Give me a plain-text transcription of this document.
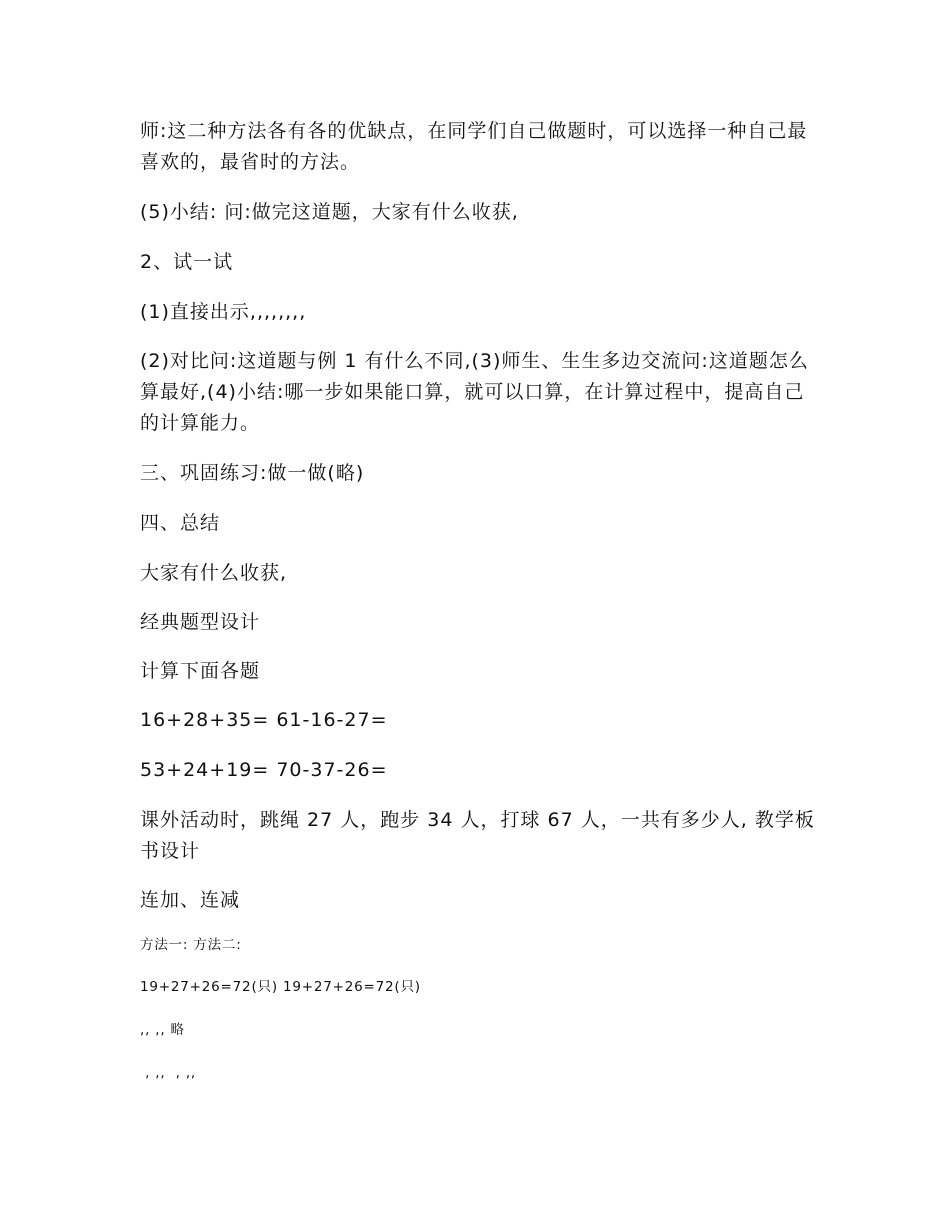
师:这二种方法各有各的优缺点，在同学们自己做题时，可以选择一种自己最喜欢的，最省时的方法。

(5)小结: 问:做完这道题，大家有什么收获,

2、试一试

(1)直接出示,,,,,,,,

(2)对比问:这道题与例 1 有什么不同,(3)师生、生生多边交流问:这道题怎么算最好,(4)小结:哪一步如果能口算，就可以口算，在计算过程中，提高自己的计算能力。

三、巩固练习:做一做(略)

四、总结

大家有什么收获,

经典题型设计

计算下面各题

16+28+35= 61-16-27=

53+24+19= 70-37-26=

课外活动时，跳绳 27 人，跑步 34 人，打球 67 人，一共有多少人, 教学板书设计

连加、连减

方法一: 方法二:

19+27+26=72(只) 19+27+26=72(只)

,, ,, 略

, ,,  , ,,
